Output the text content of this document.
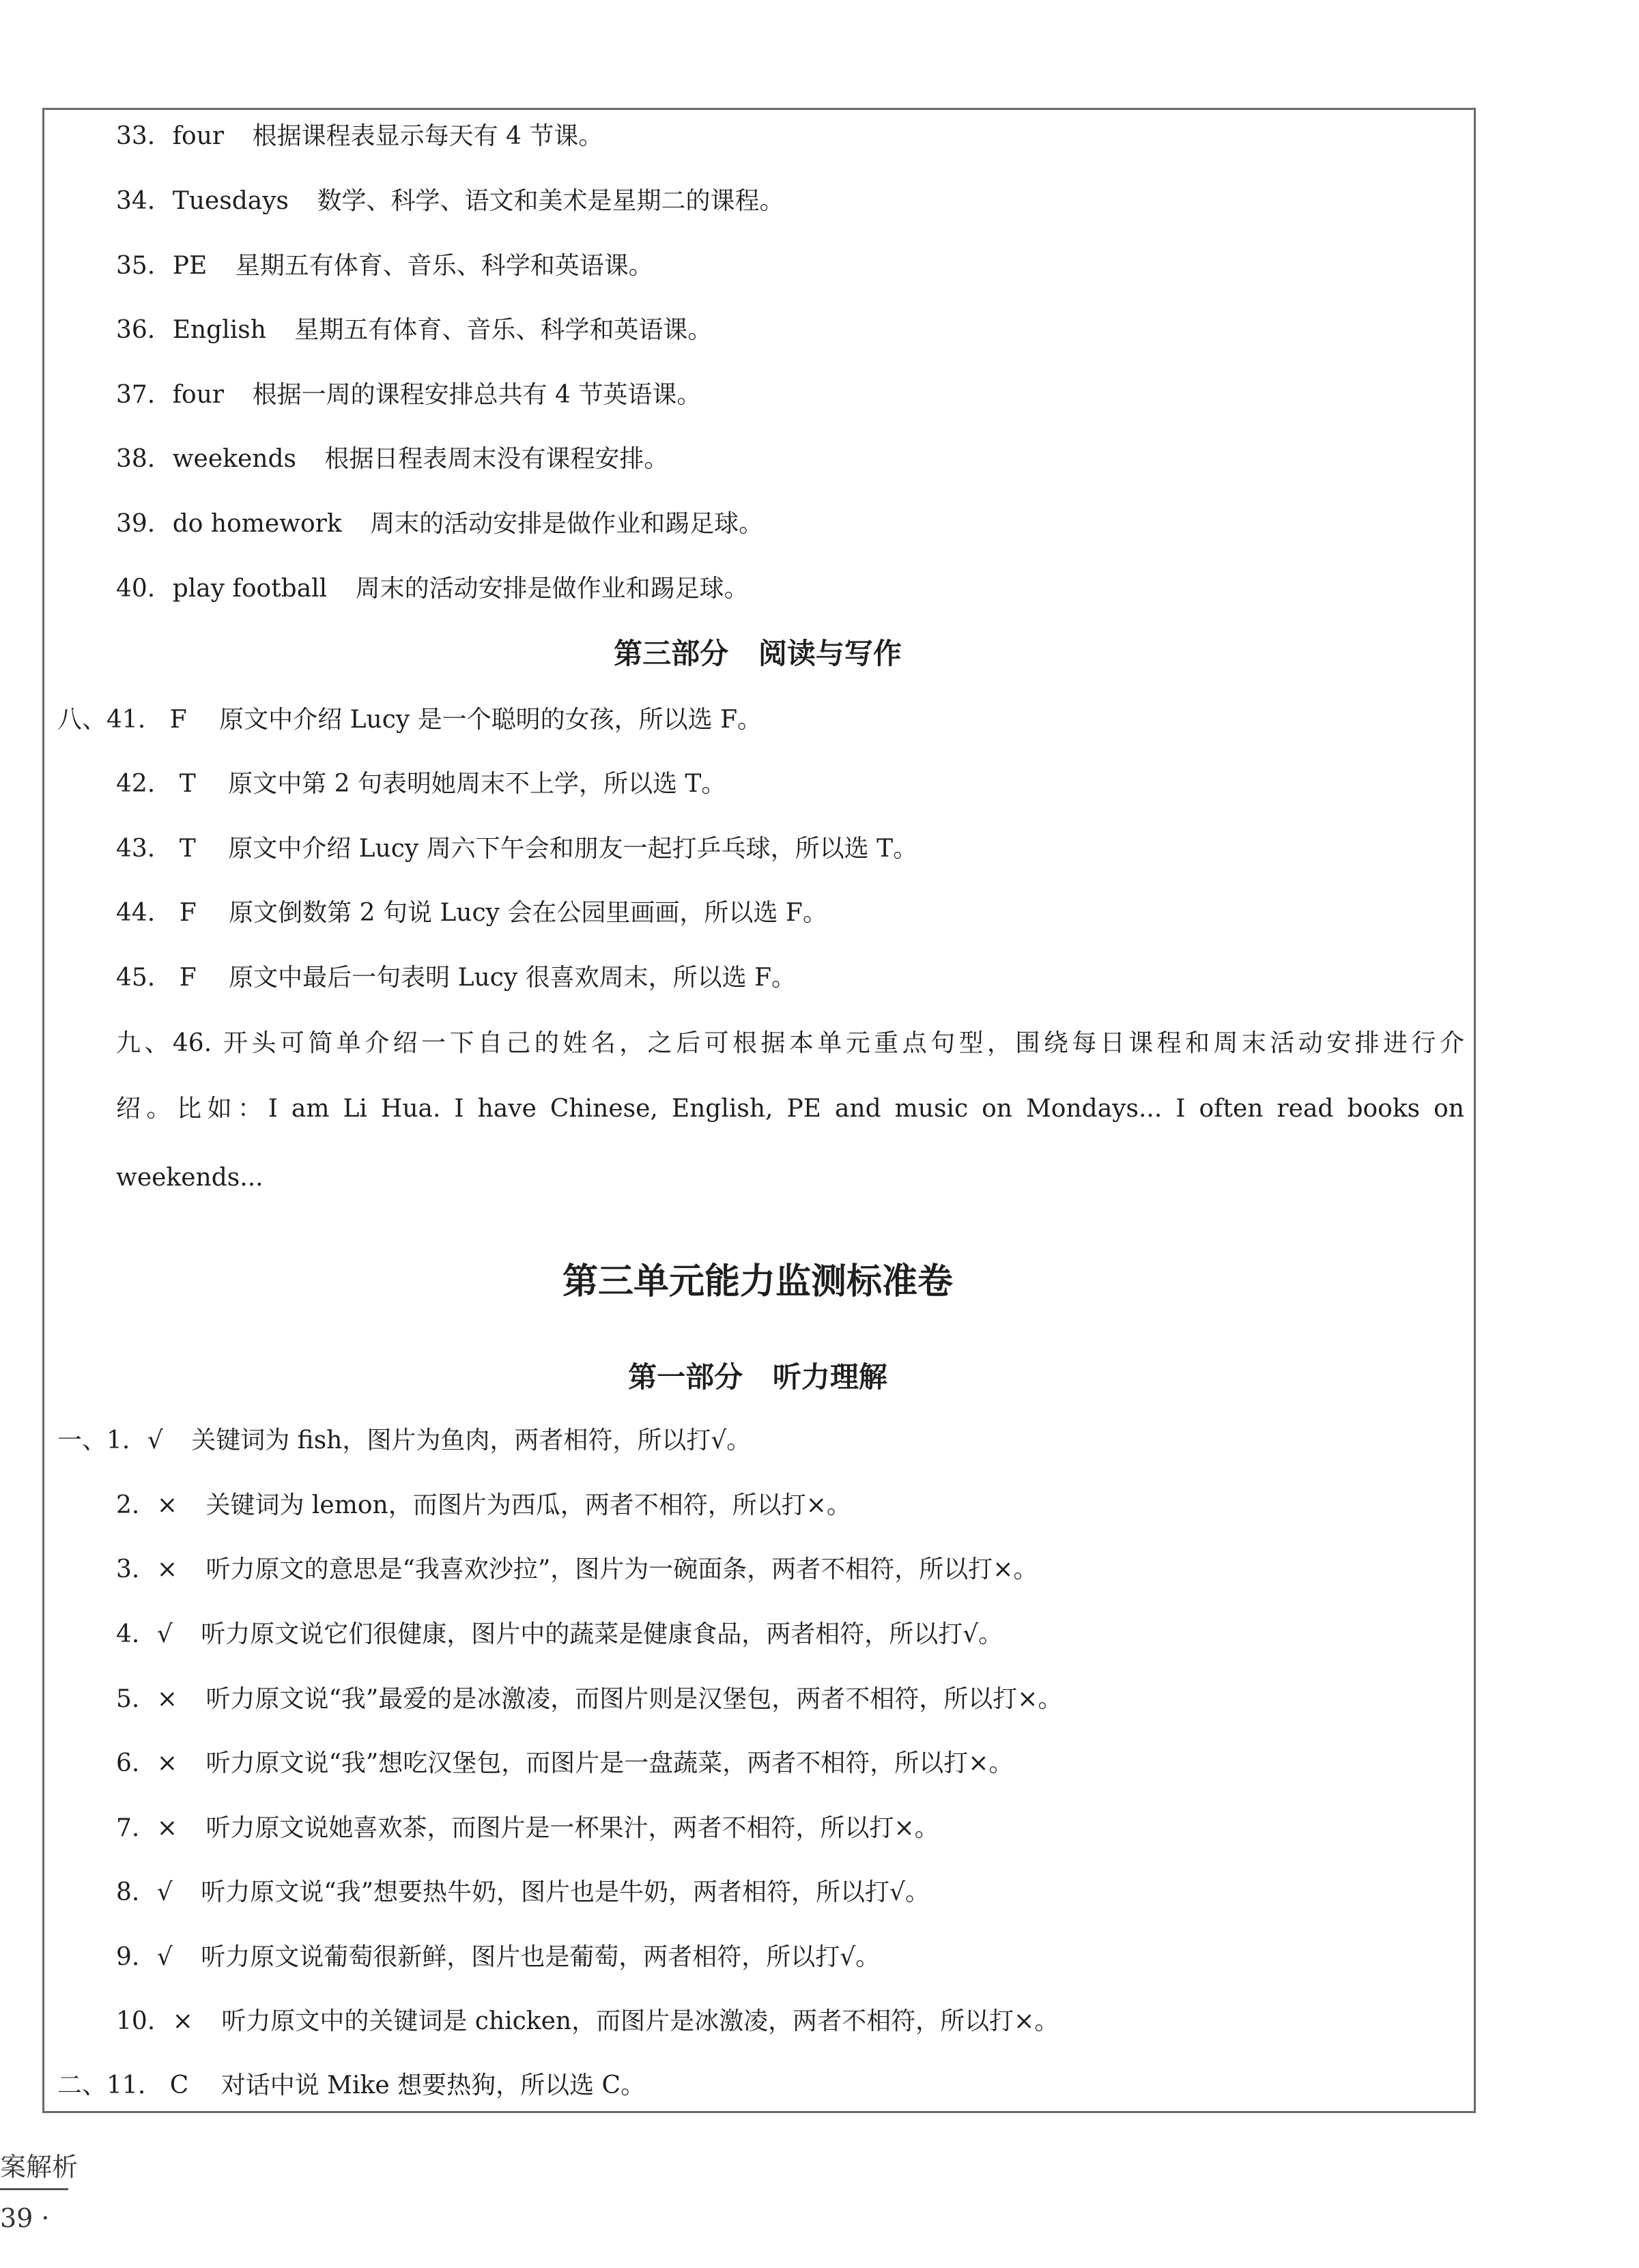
33. four 根据课程表显示每天有 4 节课。
34. Tuesdays 数学、科学、语文和美术是星期二的课程。
35. PE 星期五有体育、音乐、科学和英语课。
36. English 星期五有体育、音乐、科学和英语课。
37. four 根据一周的课程安排总共有 4 节英语课。
38. weekends 根据日程表周末没有课程安排。
39. do homework 周末的活动安排是做作业和踢足球。
40. play football 周末的活动安排是做作业和踢足球。
第三部分   阅读与写作
八、41. F 原文中介绍 Lucy 是一个聪明的女孩，所以选 F。
42. T 原文中第 2 句表明她周末不上学，所以选 T。
43. T 原文中介绍 Lucy 周六下午会和朋友一起打乒乓球，所以选 T。
44. F 原文倒数第 2 句说 Lucy 会在公园里画画，所以选 F。
45. F 原文中最后一句表明 Lucy 很喜欢周末，所以选 F。
九、46. 开头可简单介绍一下自己的姓名，之后可根据本单元重点句型，围绕每日课程和周末活动安排进行介
绍。比如：I am Li Hua. I have Chinese, English, PE and music on Mondays... I often read books on
weekends...
第三单元能力监测标准卷
第一部分   听力理解
一、1. √ 关键词为 fish，图片为鱼肉，两者相符，所以打√。
2. × 关键词为 lemon，而图片为西瓜，两者不相符，所以打×。
3. × 听力原文的意思是“我喜欢沙拉”，图片为一碗面条，两者不相符，所以打×。
4. √ 听力原文说它们很健康，图片中的蔬菜是健康食品，两者相符，所以打√。
5. × 听力原文说“我”最爱的是冰激凌，而图片则是汉堡包，两者不相符，所以打×。
6. × 听力原文说“我”想吃汉堡包，而图片是一盘蔬菜，两者不相符，所以打×。
7. × 听力原文说她喜欢茶，而图片是一杯果汁，两者不相符，所以打×。
8. √ 听力原文说“我”想要热牛奶，图片也是牛奶，两者相符，所以打√。
9. √ 听力原文说葡萄很新鲜，图片也是葡萄，两者相符，所以打√。
10. × 听力原文中的关键词是 chicken，而图片是冰激凌，两者不相符，所以打×。
二、11. C 对话中说 Mike 想要热狗，所以选 C。
案解析
39 ·
